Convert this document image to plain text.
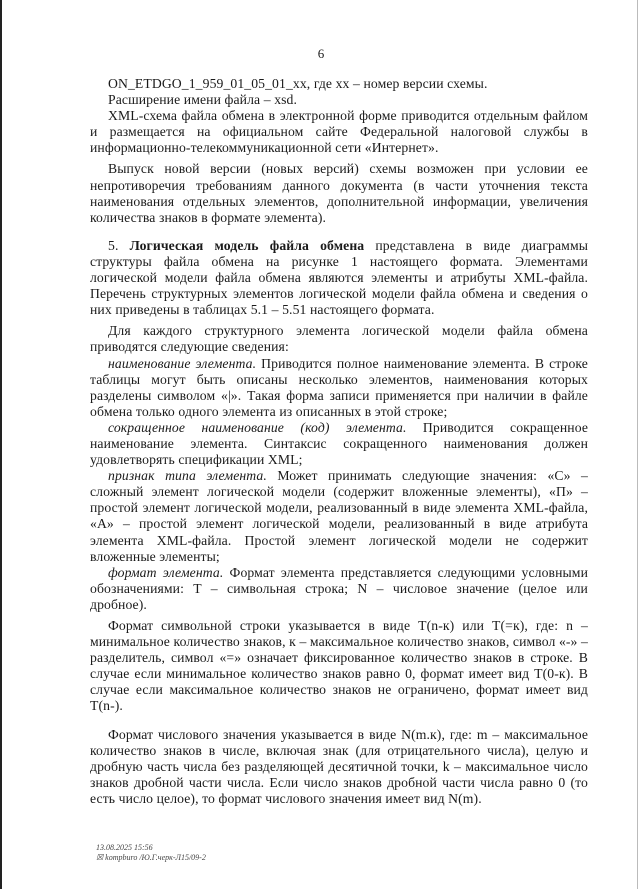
6

ON_ETDGO_1_959_01_05_01_xx, где xx – номер версии схемы.

Расширение имени файла – xsd.

XML-схема файла обмена в электронной форме приводится отдельным файлом и размещается на официальном сайте Федеральной налоговой службы в информационно-телекоммуникационной сети «Интернет».

Выпуск новой версии (новых версий) схемы возможен при условии ее непротиворечия требованиям данного документа (в части уточнения текста наименования отдельных элементов, дополнительной информации, увеличения количества знаков в формате элемента).

5. Логическая модель файла обмена представлена в виде диаграммы структуры файла обмена на рисунке 1 настоящего формата. Элементами логической модели файла обмена являются элементы и атрибуты XML-файла. Перечень структурных элементов логической модели файла обмена и сведения о них приведены в таблицах 5.1 – 5.51 настоящего формата.

Для каждого структурного элемента логической модели файла обмена приводятся следующие сведения:

наименование элемента. Приводится полное наименование элемента. В строке таблицы могут быть описаны несколько элементов, наименования которых разделены символом «|». Такая форма записи применяется при наличии в файле обмена только одного элемента из описанных в этой строке;

сокращенное наименование (код) элемента. Приводится сокращенное наименование элемента. Синтаксис сокращенного наименования должен удовлетворять спецификации XML;

признак типа элемента. Может принимать следующие значения: «С» – сложный элемент логической модели (содержит вложенные элементы), «П» – простой элемент логической модели, реализованный в виде элемента XML-файла, «А» – простой элемент логической модели, реализованный в виде атрибута элемента XML-файла. Простой элемент логической модели не содержит вложенные элементы;

формат элемента. Формат элемента представляется следующими условными обозначениями: T – символьная строка; N – числовое значение (целое или дробное).

Формат символьной строки указывается в виде T(n-к) или T(=к), где: n – минимальное количество знаков, к – максимальное количество знаков, символ «-» – разделитель, символ «=» означает фиксированное количество знаков в строке. В случае если минимальное количество знаков равно 0, формат имеет вид T(0-к). В случае если максимальное количество знаков не ограничено, формат имеет вид T(n-).

Формат числового значения указывается в виде N(m.к), где: m – максимальное количество знаков в числе, включая знак (для отрицательного числа), целую и дробную часть числа без разделяющей десятичной точки, k – максимальное число знаков дробной части числа. Если число знаков дробной части числа равно 0 (то есть число целое), то формат числового значения имеет вид N(m).

13.08.2025 15:56
☒ kompburo /Ю.Г.черк-Л15/09-2
